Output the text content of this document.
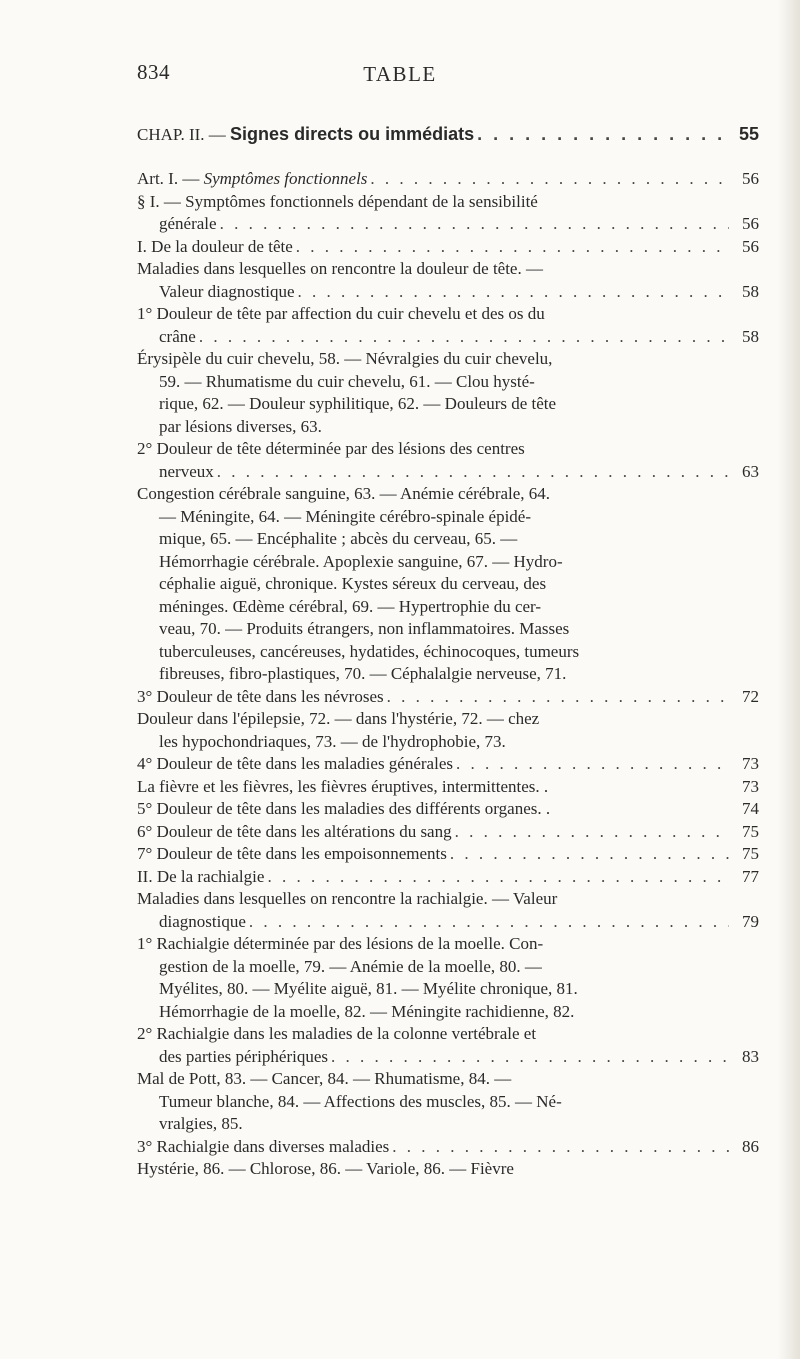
834	TABLE
CHAP. II. — Signes directs ou immédiats . . .	55
Art. I. — Symptômes fonctionnels . . .	56
§ I. — Symptômes fonctionnels dépendant de la sensibilité
générale . . .	56
I. De la douleur de tête . . .	56
Maladies dans lesquelles on rencontre la douleur de tête. —
Valeur diagnostique . . .	58
1° Douleur de tête par affection du cuir chevelu et des os du
crâne . . .	58
Érysipèle du cuir chevelu, 58. — Névralgies du cuir chevelu,
59. — Rhumatisme du cuir chevelu, 61. — Clou hysté-
rique, 62. — Douleur syphilitique, 62. — Douleurs de tête
par lésions diverses, 63.
2° Douleur de tête déterminée par des lésions des centres
nerveux . . .	63
Congestion cérébrale sanguine, 63. — Anémie cérébrale, 64.
— Méningite, 64. — Méningite cérébro-spinale épidé-
mique, 65. — Encéphalite ; abcès du cerveau, 65. —
Hémorrhagie cérébrale. Apoplexie sanguine, 67. — Hydro-
céphalie aiguë, chronique. Kystes séreux du cerveau, des
méninges. Œdème cérébral, 69. — Hypertrophie du cer-
veau, 70. — Produits étrangers, non inflammatoires. Masses
tuberculeuses, cancéreuses, hydatides, échinocoques, tumeurs
fibreuses, fibro-plastiques, 70. — Céphalalgie nerveuse, 71.
3° Douleur de tête dans les névroses . . .	72
Douleur dans l'épilepsie, 72. — dans l'hystérie, 72. — chez
les hypochondriaques, 73. — de l'hydrophobie, 73.
4° Douleur de tête dans les maladies générales . . .	73
La fièvre et les fièvres, les fièvres éruptives, intermittentes. .	73
5° Douleur de tête dans les maladies des différents organes. .	74
6° Douleur de tête dans les altérations du sang . . .	75
7° Douleur de tête dans les empoisonnements . . .	75
II. De la rachialgie . . .	77
Maladies dans lesquelles on rencontre la rachialgie. — Valeur
diagnostique . . .	79
1° Rachialgie déterminée par des lésions de la moelle. Con-
gestion de la moelle, 79. — Anémie de la moelle, 80. —
Myélites, 80. — Myélite aiguë, 81. — Myélite chronique, 81.
Hémorrhagie de la moelle, 82. — Méningite rachidienne, 82.
2° Rachialgie dans les maladies de la colonne vertébrale et
des parties périphériques . . .	83
Mal de Pott, 83. — Cancer, 84. — Rhumatisme, 84. —
Tumeur blanche, 84. — Affections des muscles, 85. — Né-
vralgies, 85.
3° Rachialgie dans diverses maladies . . .	86
Hystérie, 86. — Chlorose, 86. — Variole, 86. — Fièvre
